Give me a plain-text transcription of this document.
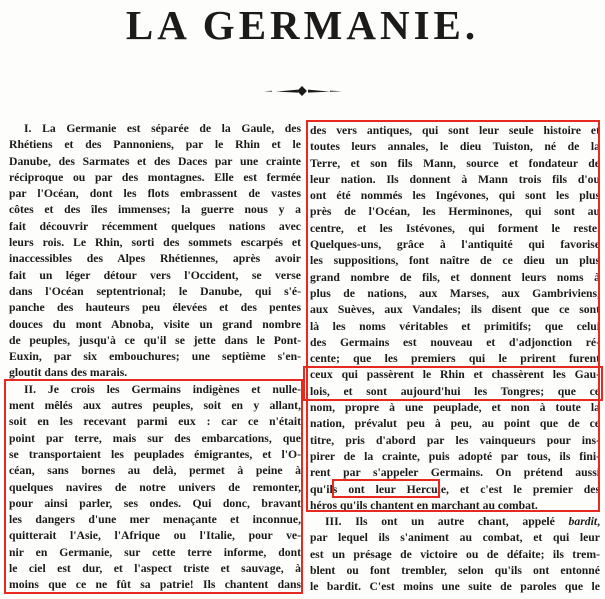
LA GERMANIE.
I. La Germanie est séparée de la Gaule, des
Rhétiens et des Pannoniens, par le Rhin et le
Danube, des Sarmates et des Daces par une crainte
réciproque ou par des montagnes. Elle est fermée
par l'Océan, dont les flots embrassent de vastes
côtes et des îles immenses; la guerre nous y a
fait découvrir récemment quelques nations avec
leurs rois. Le Rhin, sorti des sommets escarpés et
inaccessibles des Alpes Rhétiennes, après avoir
fait un léger détour vers l'Occident, se verse
dans l'Océan septentrional; le Danube, qui s'é-
panche des hauteurs peu élevées et des pentes
douces du mont Abnoba, visite un grand nombre
de peuples, jusqu'à ce qu'il se jette dans le Pont-
Euxin, par six embouchures; une septième s'en-
gloutit dans des marais.
II. Je crois les Germains indigènes et nulle-
ment mêlés aux autres peuples, soit en y allant,
soit en les recevant parmi eux : car ce n'était
point par terre, mais sur des embarcations, que
se transportaient les peuplades émigrantes, et l'O-
céan, sans bornes au delà, permet à peine à
quelques navires de notre univers de remonter,
pour ainsi parler, ses ondes. Qui donc, bravant
les dangers d'une mer menaçante et inconnue,
quitterait l'Asie, l'Afrique ou l'Italie, pour ve-
nir en Germanie, sur cette terre informe, dont
le ciel est dur, et l'aspect triste et sauvage, à
moins que ce ne fût sa patrie! Ils chantent dans
des vers antiques, qui sont leur seule histoire et
toutes leurs annales, le dieu Tuiston, né de la
Terre, et son fils Mann, source et fondateur de
leur nation. Ils donnent à Mann trois fils d'ou
ont été nommés les Ingévones, qui sont les plus
près de l'Océan, les Herminones, qui sont au
centre, et les Istévones, qui forment le reste.
Quelques-uns, grâce à l'antiquité qui favorise
les suppositions, font naître de ce dieu un plus
grand nombre de fils, et donnent leurs noms à
plus de nations, aux Marses, aux Gambriviens,
aux Suèves, aux Vandales; ils disent que ce sont
là les noms véritables et primitifs; que celui
des Germains est nouveau et d'adjonction ré-
cente; que les premiers qui le prirent furent
ceux qui passèrent le Rhin et chassèrent les Gau-
lois, et sont aujourd'hui les Tongres; que ce
nom, propre à une peuplade, et non à toute la
nation, prévalut peu à peu, au point que de ce
titre, pris d'abord par les vainqueurs pour ins-
pirer de la crainte, puis adopté par tous, ils fini-
rent par s'appeler Germains. On prétend aussi
qu'ils ont leur Hercule, et c'est le premier des
héros qu'ils chantent en marchant au combat.
III. Ils ont un autre chant, appelé bardit,
par lequel ils s'animent au combat, et qui leur
est un présage de victoire ou de défaite; ils trem-
blent ou font trembler, selon qu'ils ont entonné
le bardit. C'est moins une suite de paroles que le
